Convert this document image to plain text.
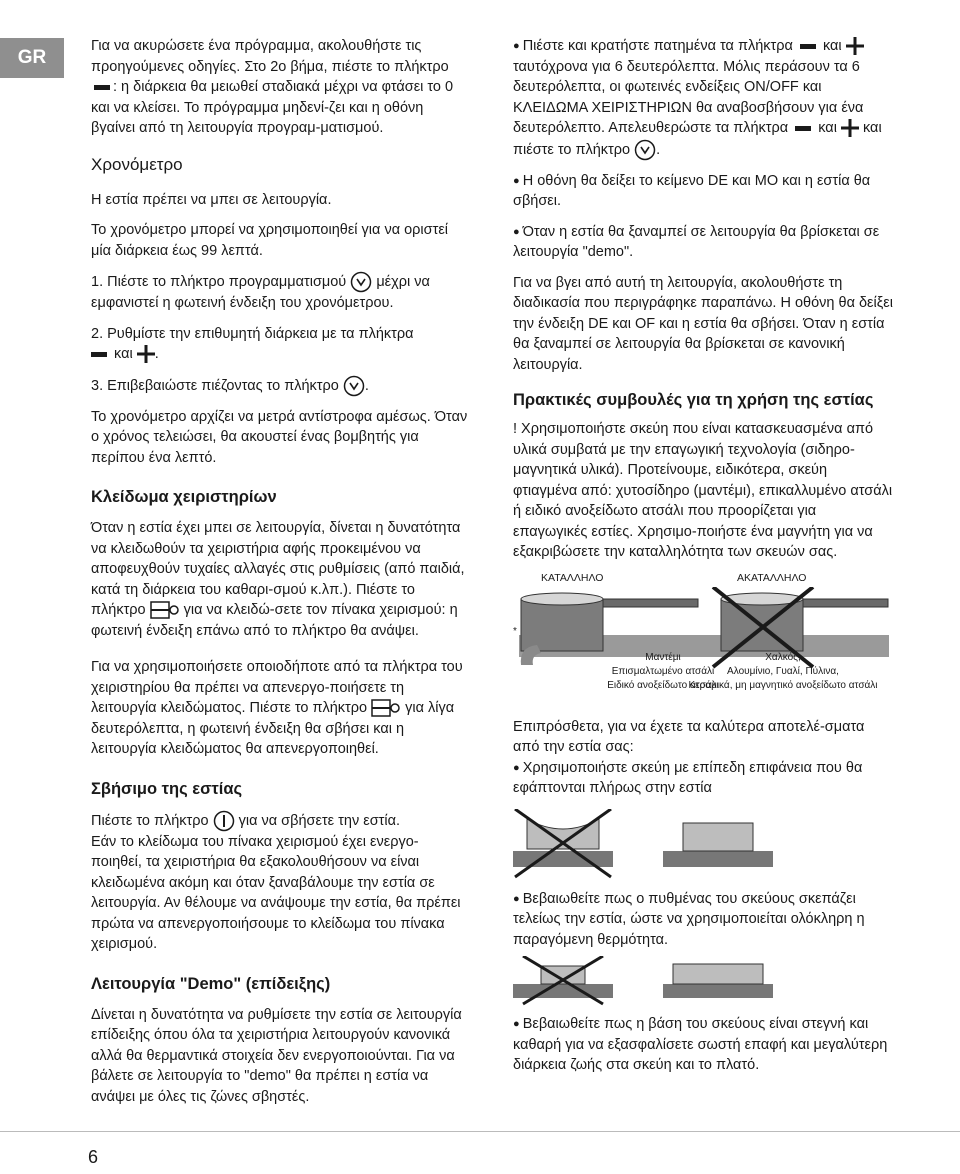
GR

Για να ακυρώσετε ένα πρόγραμμα, ακολουθήστε τις προηγούμενες οδηγίες. Στο 2ο βήμα, πιέστε το πλήκτρο: η διάρκεια θα μειωθεί σταδιακά μέχρι να φτάσει το 0 και να κλείσει. Το πρόγραμμα μηδενί-ζει και η οθόνη βγαίνει από τη λειτουργία προγραμ-ματισμού.

Χρονόμετρο

Η εστία πρέπει να μπει σε λειτουργία.

Το χρονόμετρο μπορεί να χρησιμοποιηθεί για να οριστεί μία διάρκεια έως 99 λεπτά.

1. Πιέστε το πλήκτρο προγραμματισμού μέχρι να εμφανιστεί η φωτεινή ένδειξη του χρονόμετρου.

2. Ρυθμίστε την επιθυμητή διάρκεια με τα πλήκτρα
και .

3. Επιβεβαιώστε πιέζοντας το πλήκτρο .

Το χρονόμετρο αρχίζει να μετρά αντίστροφα αμέσως. Όταν ο χρόνος τελειώσει, θα ακουστεί ένας βομβητής για περίπου ένα λεπτό.

Κλείδωμα χειριστηρίων

Όταν η εστία έχει μπει σε λειτουργία, δίνεται η δυνατότητα να κλειδωθούν τα χειριστήρια αφής προκειμένου να αποφευχθούν τυχαίες αλλαγές στις ρυθμίσεις (από παιδιά, κατά τη διάρκεια του καθαρι-σμού κ.λπ.). Πιέστε το πλήκτρο	για να κλειδώ-σετε τον πίνακα χειρισμού: η φωτεινή ένδειξη επάνω από το πλήκτρο θα ανάψει.

Για να χρησιμοποιήσετε οποιοδήποτε από τα πλήκτρα του χειριστηρίου θα πρέπει να απενεργο-ποιήσετε τη λειτουργία κλειδώματος. Πιέστε το πλήκτρο	για λίγα δευτερόλεπτα, η φωτεινή ένδειξη θα σβήσει και η λειτουργία κλειδώματος θα απενεργοποιηθεί.

Σβήσιμο της εστίας

Πιέστε το πλήκτρο για να σβήσετε την εστία.
Εάν το κλείδωμα του πίνακα χειρισμού έχει ενεργο-ποιηθεί, τα χειριστήρια θα εξακολουθήσουν να είναι κλειδωμένα ακόμη και όταν ξαναβάλουμε την εστία σε λειτουργία. Αν θέλουμε να ανάψουμε την εστία, θα πρέπει πρώτα να απενεργοποιήσουμε το κλείδωμα του πίνακα χειρισμού.

Λειτουργία "Demo" (επίδειξης)

Δίνεται η δυνατότητα να ρυθμίσετε την εστία σε λειτουργία επίδειξης όπου όλα τα χειριστήρια λειτουργούν κανονικά αλλά θα θερμαντικά στοιχεία δεν ενεργοποιούνται. Για να βάλετε σε λειτουργία το "demo" θα πρέπει η εστία να ανάψει με όλες τις ζώνες σβηστές.

● Πιέστε και κρατήστε πατημένα τα πλήκτρα και  ταυτόχρονα για 6 δευτερόλεπτα. Μόλις περάσουν τα 6 δευτερόλεπτα, οι φωτεινές ενδείξεις ON/OFF και ΚΛΕΙΔΩΜΑ ΧΕΙΡΙΣΤΗΡΙΩΝ θα αναβοσβήσουν για ένα δευτερόλεπτο. Απελευθερώστε τα πλήκτρα και και πιέστε το πλήκτρο .

● Η οθόνη θα δείξει το κείμενο DE και MO και η εστία θα σβήσει.

● Όταν η εστία θα ξαναμπεί σε λειτουργία θα βρίσκεται σε λειτουργία "demo".

Για να βγει από αυτή τη λειτουργία, ακολουθήστε τη διαδικασία που περιγράφηκε παραπάνω. Η οθόνη θα δείξει την ένδειξη DE και OF και η εστία θα σβήσει. Όταν η εστία θα ξαναμπεί σε λειτουργία θα βρίσκεται σε κανονική λειτουργία.

Πρακτικές συμβουλές για τη χρήση της εστίας

! Χρησιμοποιήστε σκεύη που είναι κατασκευασμένα από υλικά συμβατά με την επαγωγική τεχνολογία (σιδηρο-μαγνητικά υλικά). Προτείνουμε, ειδικότερα, σκεύη φτιαγμένα από: χυτοσίδηρο (μαντέμι), επικαλλυμένο ατσάλι ή ειδικό ανοξείδωτο ατσάλι που προορίζεται για επαγωγικές εστίες. Χρησιμο-ποιήστε ένα μαγνήτη για να εξακριβώσετε την καταλληλότητα των σκευών σας.

ΚΑΤΑΛΛΗΛΟ	ΑΚΑΤΑΛΛΗΛΟ
*
Μαντέμι
Επισμαλτωμένο ατσάλι
Ειδικό ανοξείδωτο ατσάλι
Χαλκός,
Αλουμίνιο, Γυαλί, Πύλινα,
Κεραμικά, μη μαγνητικό ανοξείδωτο ατσάλι

Επιπρόσθετα, για να έχετε τα καλύτερα αποτελέ-σματα από την εστία σας:

● Χρησιμοποιήστε σκεύη με επίπεδη επιφάνεια που θα εφάπτονται πλήρως στην εστία

● Βεβαιωθείτε πως ο πυθμένας του σκεύους σκεπάζει τελείως την εστία, ώστε να χρησιμοποιείται ολόκληρη η παραγόμενη θερμότητα.

● Βεβαιωθείτε πως η βάση του σκεύους είναι στεγνή και καθαρή για να εξασφαλίσετε σωστή επαφή και μεγαλύτερη διάρκεια ζωής στα σκεύη και το πλατό.

6
